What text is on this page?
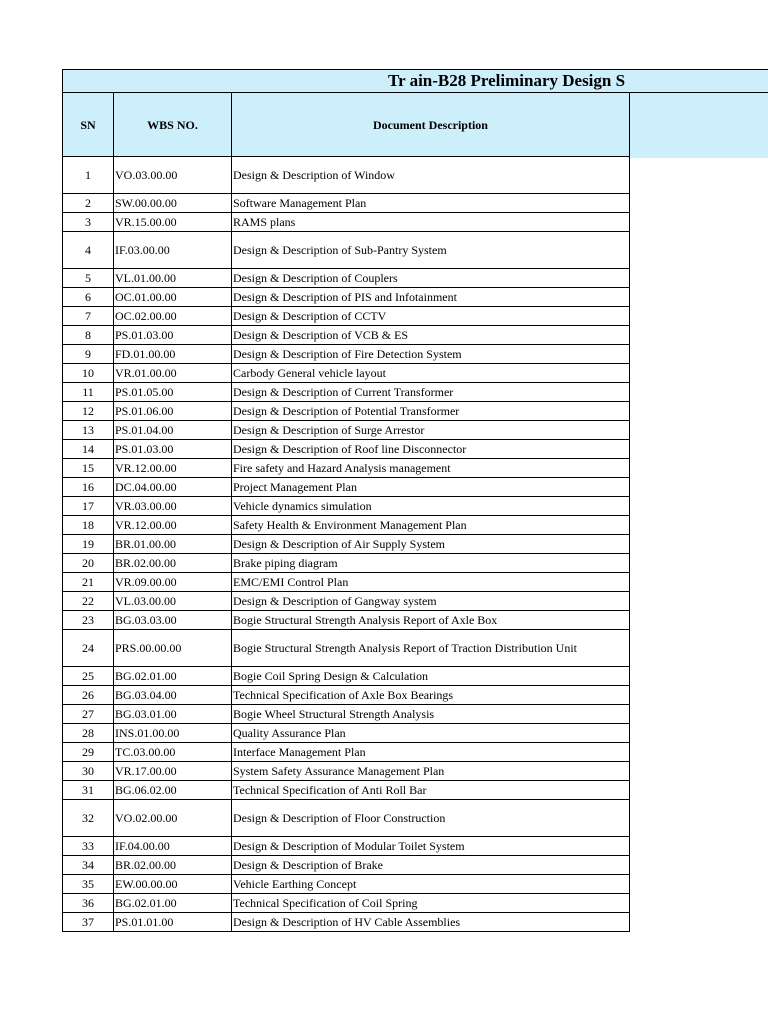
Tr ain-B28 Preliminary Design S
SN	WBS NO.	Document Description
1	VO.03.00.00	Design & Description of Window
2	SW.00.00.00	Software Management Plan
3	VR.15.00.00	RAMS plans
4	IF.03.00.00	Design & Description of Sub-Pantry System
5	VL.01.00.00	Design & Description of Couplers
6	OC.01.00.00	Design & Description of PIS and Infotainment
7	OC.02.00.00	Design & Description of CCTV
8	PS.01.03.00	Design & Description of VCB & ES
9	FD.01.00.00	Design & Description of Fire Detection System
10	VR.01.00.00	Carbody General vehicle layout
11	PS.01.05.00	Design & Description of Current Transformer
12	PS.01.06.00	Design & Description of Potential Transformer
13	PS.01.04.00	Design & Description of Surge Arrestor
14	PS.01.03.00	Design & Description of Roof line Disconnector
15	VR.12.00.00	Fire safety and Hazard Analysis management
16	DC.04.00.00	Project Management Plan
17	VR.03.00.00	Vehicle dynamics simulation
18	VR.12.00.00	Safety Health & Environment Management Plan
19	BR.01.00.00	Design & Description of Air Supply System
20	BR.02.00.00	Brake piping diagram
21	VR.09.00.00	EMC/EMI Control Plan
22	VL.03.00.00	Design & Description of Gangway system
23	BG.03.03.00	Bogie Structural Strength Analysis Report of Axle Box
24	PRS.00.00.00	Bogie Structural Strength Analysis Report of Traction Distribution Unit
25	BG.02.01.00	Bogie Coil Spring Design & Calculation
26	BG.03.04.00	Technical Specification of Axle Box Bearings
27	BG.03.01.00	Bogie Wheel Structural Strength Analysis
28	INS.01.00.00	Quality Assurance Plan
29	TC.03.00.00	Interface Management Plan
30	VR.17.00.00	System Safety Assurance Management Plan
31	BG.06.02.00	Technical Specification of Anti Roll Bar
32	VO.02.00.00	Design & Description of Floor Construction
33	IF.04.00.00	Design & Description of Modular Toilet System
34	BR.02.00.00	Design & Description of Brake
35	EW.00.00.00	Vehicle Earthing Concept
36	BG.02.01.00	Technical Specification of Coil Spring
37	PS.01.01.00	Design & Description of HV Cable Assemblies
